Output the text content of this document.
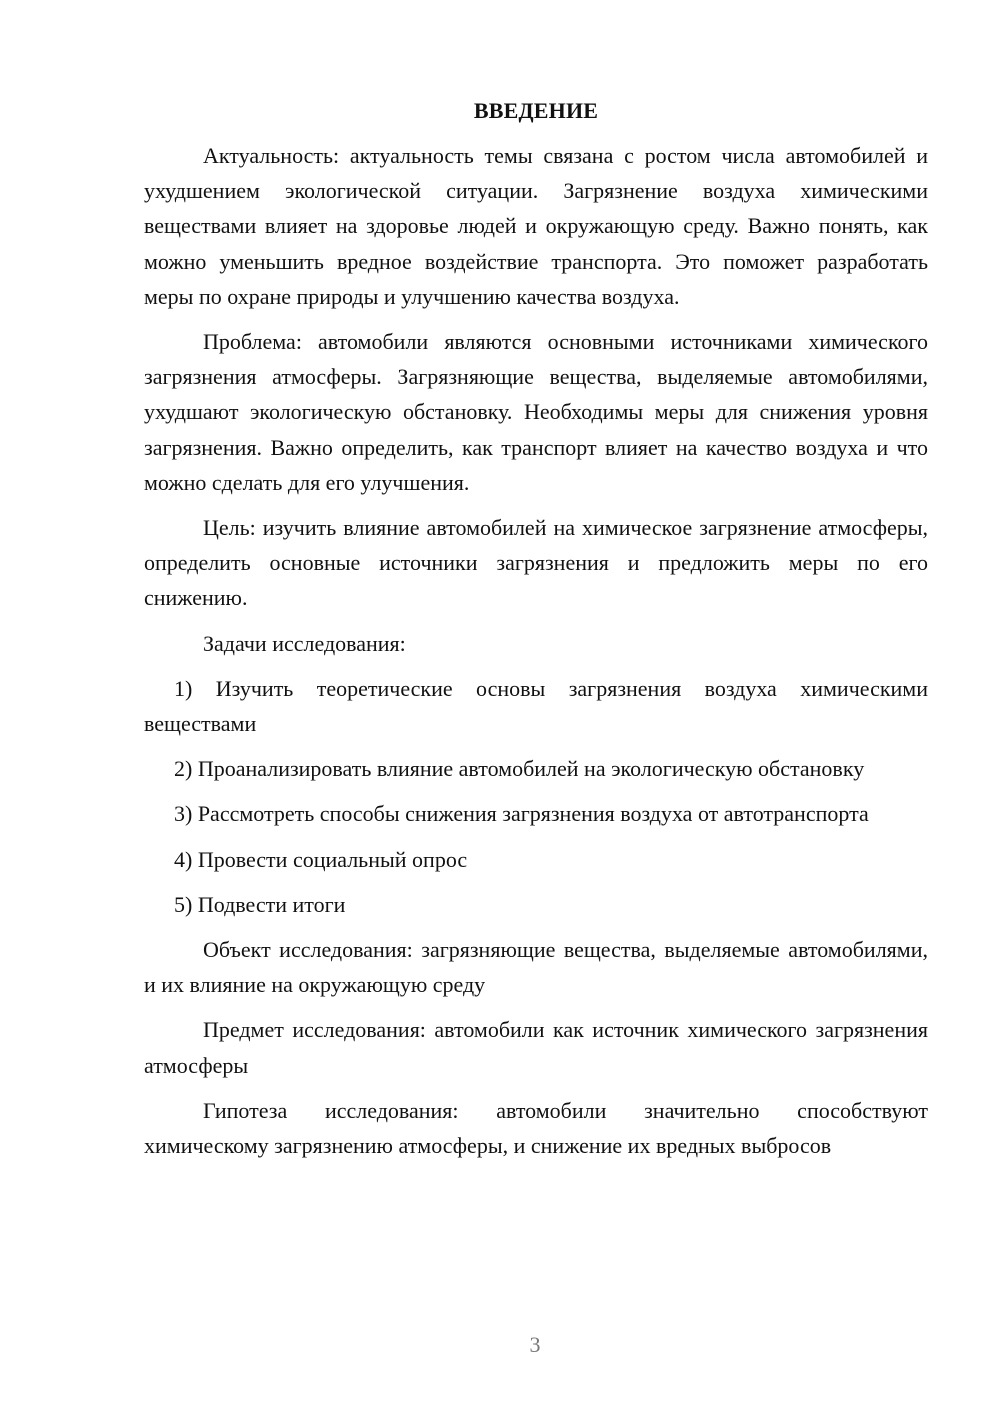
ВВЕДЕНИЕ

Актуальность: актуальность темы связана с ростом числа автомобилей и ухудшением экологической ситуации. Загрязнение воздуха химическими веществами влияет на здоровье людей и окружающую среду. Важно понять, как можно уменьшить вредное воздействие транспорта. Это поможет разработать меры по охране природы и улучшению качества воздуха.

Проблема: автомобили являются основными источниками химического загрязнения атмосферы. Загрязняющие вещества, выделяемые автомобилями, ухудшают экологическую обстановку. Необходимы меры для снижения уровня загрязнения. Важно определить, как транспорт влияет на качество воздуха и что можно сделать для его улучшения.

Цель: изучить влияние автомобилей на химическое загрязнение атмосферы, определить основные источники загрязнения и предложить меры по его снижению.

Задачи исследования:

1) Изучить теоретические основы загрязнения воздуха химическими веществами

2) Проанализировать влияние автомобилей на экологическую обстановку

3) Рассмотреть способы снижения загрязнения воздуха от автотранспорта

4) Провести социальный опрос

5) Подвести итоги

Объект исследования: загрязняющие вещества, выделяемые автомобилями, и их влияние на окружающую среду

Предмет исследования: автомобили как источник химического загрязнения атмосферы

Гипотеза исследования: автомобили значительно способствуют химическому загрязнению атмосферы, и снижение их вредных выбросов

3
